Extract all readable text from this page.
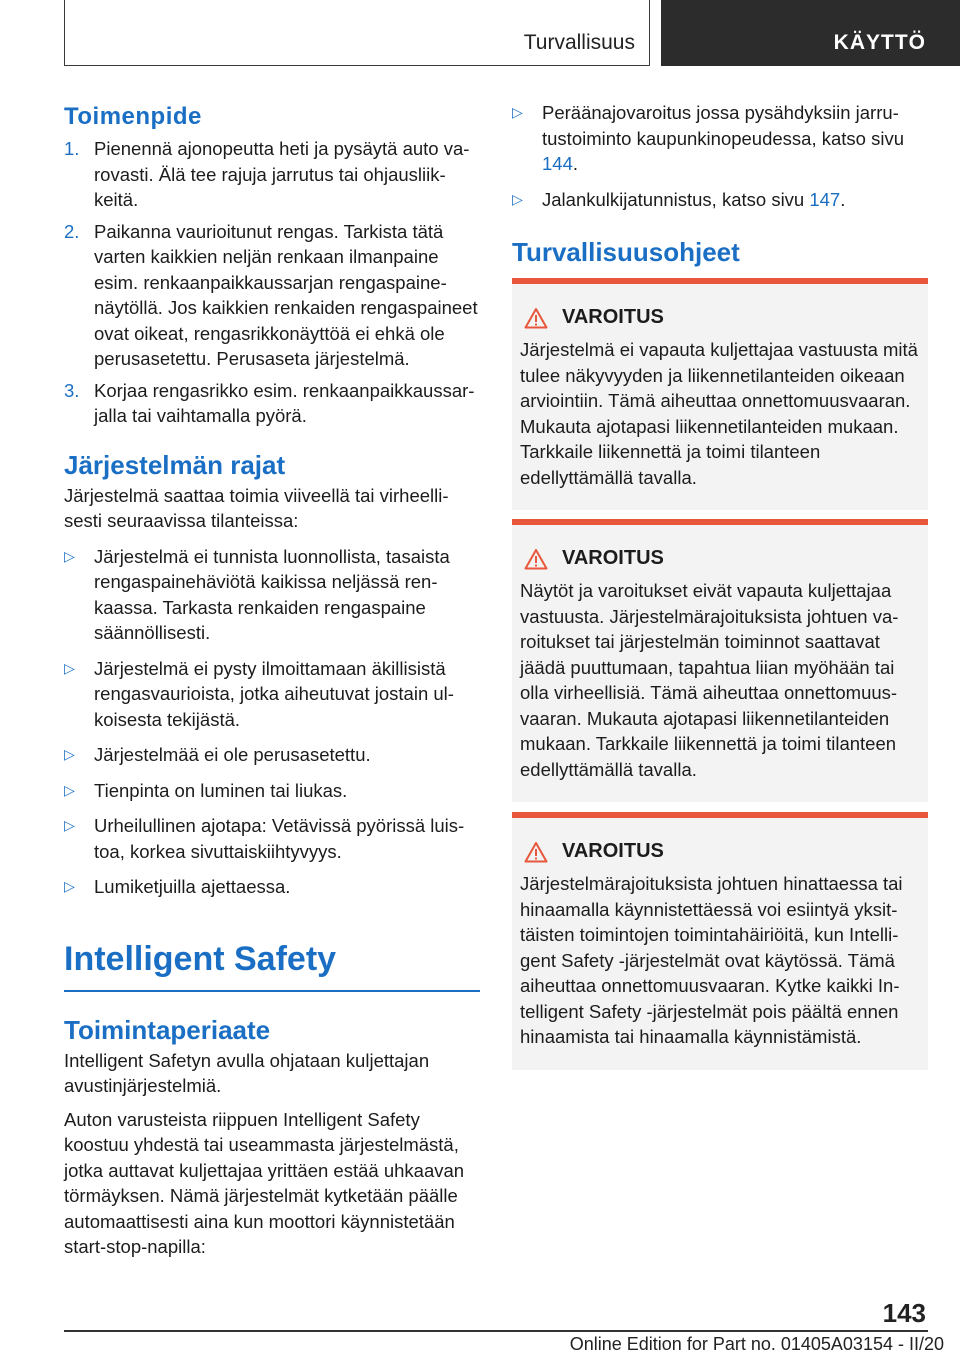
Turvallisuus	KÄYTTÖ
Toimenpide
1. Pienennä ajonopeutta heti ja pysäytä auto varovasti. Älä tee rajuja jarrutus tai ohjausliikkeitä.
2. Paikanna vaurioitunut rengas. Tarkista tätä varten kaikkien neljän renkaan ilmanpaine esim. renkaanpaikkaussarjan rengaspainenäytöllä. Jos kaikkien renkaiden rengaspaineet ovat oikeat, rengasrikkonäyttöä ei ehkä ole perusasetettu. Perusaseta järjestelmä.
3. Korjaa rengasrikko esim. renkaanpaikkaussarjalla tai vaihtamalla pyörä.
Järjestelmän rajat

Järjestelmä saattaa toimia viiveellä tai virheellisesti seuraavissa tilanteissa:

▷ Järjestelmä ei tunnista luonnollista, tasaista rengaspainehäviötä kaikissa neljässä renkaassa. Tarkasta renkaiden rengaspaine säännöllisesti.
▷ Järjestelmä ei pysty ilmoittamaan äkillisistä rengasvaurioista, jotka aiheutuvat jostain ulkoisesta tekijästä.
▷ Järjestelmää ei ole perusasetettu.
▷ Tienpinta on luminen tai liukas.
▷ Urheilullinen ajotapa: Vetävissä pyörissä luistoa, korkea sivuttaiskiihtyvyys.
▷ Lumiketjuilla ajettaessa.
Intelligent Safety
Toimintaperiaate

Intelligent Safetyn avulla ohjataan kuljettajan avustinjärjestelmiä.

Auton varusteista riippuen Intelligent Safety koostuu yhdestä tai useammasta järjestelmästä, jotka auttavat kuljettajaa yrittäen estää uhkaavan törmäyksen. Nämä järjestelmät kytketään päälle automaattisesti aina kun moottori käynnistetään start-stop-napilla:

▷ Peräänajovaroitus jossa pysähdyksiin jarrutustoiminto kaupunkinopeudessa, katso sivu 144.
▷ Jalankulkijatunnistus, katso sivu 147.
Turvallisuusohjeet
VAROITUS
Järjestelmä ei vapauta kuljettajaa vastuusta mitä tulee näkyvyyden ja liikennetilanteiden oikeaan arviointiin. Tämä aiheuttaa onnettomuusvaaran. Mukauta ajotapasi liikennetilanteiden mukaan. Tarkkaile liikennettä ja toimi tilanteen edellyttämällä tavalla.
VAROITUS
Näytöt ja varoitukset eivät vapauta kuljettajaa vastuusta. Järjestelmärajoituksista johtuen varoitukset tai järjestelmän toiminnot saattavat jäädä puuttumaan, tapahtua liian myöhään tai olla virheellisiä. Tämä aiheuttaa onnettomuusvaaran. Mukauta ajotapasi liikennetilanteiden mukaan. Tarkkaile liikennettä ja toimi tilanteen edellyttämällä tavalla.
VAROITUS
Järjestelmärajoituksista johtuen hinattaessa tai hinaamalla käynnistettäessä voi esiintyä yksittäisten toimintojen toimintahäiriöitä, kun Intelligent Safety -järjestelmät ovat käytössä. Tämä aiheuttaa onnettomuusvaaran. Kytke kaikki Intelligent Safety -järjestelmät pois päältä ennen hinaamista tai hinaamalla käynnistämistä.
143
Online Edition for Part no. 01405A03154 - II/20
